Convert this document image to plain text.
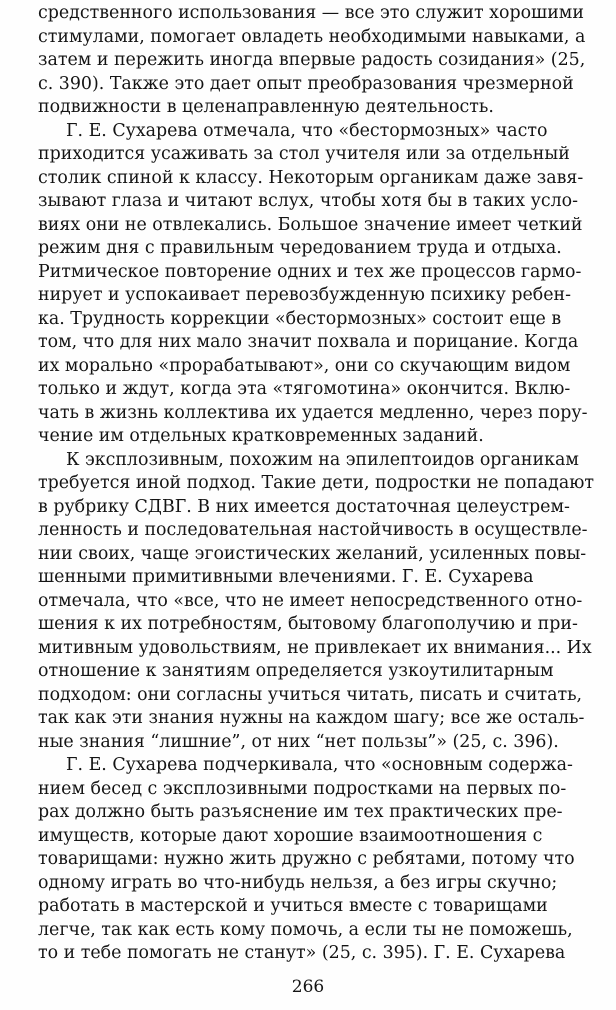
средственного использования — все это служит хорошими
стимулами, помогает овладеть необходимыми навыками, а
затем и пережить иногда впервые радость созидания» (25,
с. 390). Также это дает опыт преобразования чрезмерной
подвижности в целенаправленную деятельность.
Г. Е. Сухарева отмечала, что «бестормозных» часто
приходится усаживать за стол учителя или за отдельный
столик спиной к классу. Некоторым органикам даже завя-
зывают глаза и читают вслух, чтобы хотя бы в таких усло-
виях они не отвлекались. Большое значение имеет четкий
режим дня с правильным чередованием труда и отдыха.
Ритмическое повторение одних и тех же процессов гармо-
нирует и успокаивает перевозбужденную психику ребен-
ка. Трудность коррекции «бестормозных» состоит еще в
том, что для них мало значит похвала и порицание. Когда
их морально «прорабатывают», они со скучающим видом
только и ждут, когда эта «тягомотина» окончится. Вклю-
чать в жизнь коллектива их удается медленно, через пору-
чение им отдельных кратковременных заданий.
К эксплозивным, похожим на эпилептоидов органикам
требуется иной подход. Такие дети, подростки не попадают
в рубрику СДВГ. В них имеется достаточная целеустрем-
ленность и последовательная настойчивость в осуществле-
нии своих, чаще эгоистических желаний, усиленных повы-
шенными примитивными влечениями. Г. Е. Сухарева
отмечала, что «все, что не имеет непосредственного отно-
шения к их потребностям, бытовому благополучию и при-
митивным удовольствиям, не привлекает их внимания... Их
отношение к занятиям определяется узкоутилитарным
подходом: они согласны учиться читать, писать и считать,
так как эти знания нужны на каждом шагу; все же осталь-
ные знания “лишние”, от них “нет пользы”» (25, с. 396).
Г. Е. Сухарева подчеркивала, что «основным содержа-
нием бесед с эксплозивными подростками на первых по-
рах должно быть разъяснение им тех практических пре-
имуществ, которые дают хорошие взаимоотношения с
товарищами: нужно жить дружно с ребятами, потому что
одному играть во что-нибудь нельзя, а без игры скучно;
работать в мастерской и учиться вместе с товарищами
легче, так как есть кому помочь, а если ты не поможешь,
то и тебе помогать не станут» (25, с. 395). Г. Е. Сухарева
266
